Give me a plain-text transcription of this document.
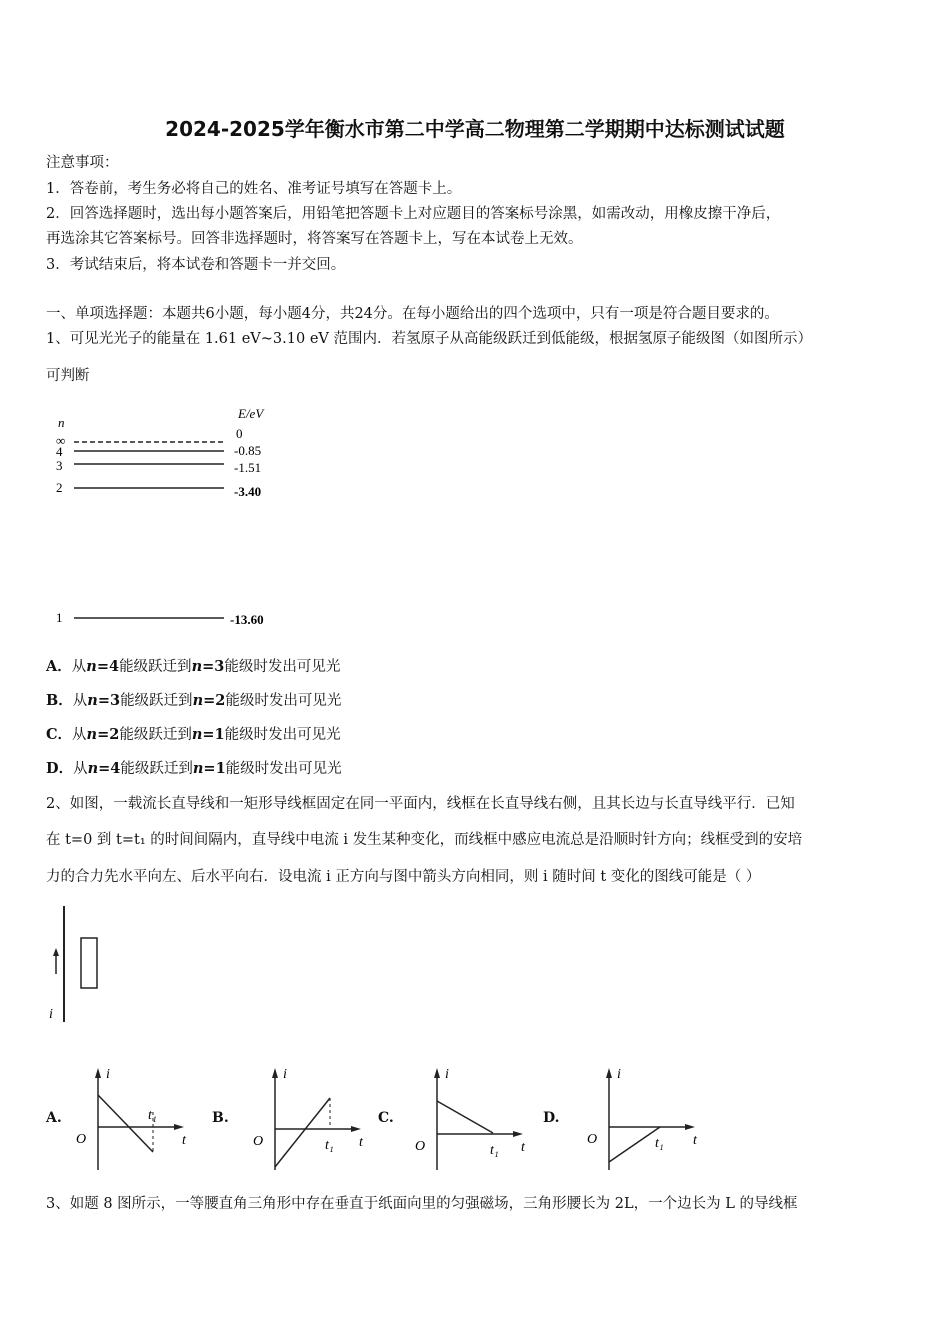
2024-2025学年衡水市第二中学高二物理第二学期期中达标测试试题
注意事项：
1．答卷前，考生务必将自己的姓名、准考证号填写在答题卡上。
2．回答选择题时，选出每小题答案后，用铅笔把答题卡上对应题目的答案标号涂黑，如需改动，用橡皮擦干净后，
再选涂其它答案标号。回答非选择题时，将答案写在答题卡上，写在本试卷上无效。
3．考试结束后，将本试卷和答题卡一并交回。
一、单项选择题：本题共6小题，每小题4分，共24分。在每小题给出的四个选项中，只有一项是符合题目要求的。
1、可见光光子的能量在 1.61 eV~3.10 eV 范围内．若氢原子从高能级跃迁到低能级，根据氢原子能级图（如图所示）
可判断
n
E/eV
∞
4
3
2
1
0
-0.85
-1.51
-3.40
-13.60
A．从n=4能级跃迁到n=3能级时发出可见光
B．从n=3能级跃迁到n=2能级时发出可见光
C．从n=2能级跃迁到n=1能级时发出可见光
D．从n=4能级跃迁到n=1能级时发出可见光
2、如图，一载流长直导线和一矩形导线框固定在同一平面内，线框在长直导线右侧，且其长边与长直导线平行．已知
在 t=0 到 t=t₁ 的时间间隔内，直导线中电流 i 发生某种变化，而线框中感应电流总是沿顺时针方向；线框受到的安培
力的合力先水平向左、后水平向右．设电流 i 正方向与图中箭头方向相同，则 i 随时间 t 变化的图线可能是（ ）
i
A.
i
O	t
t₁	B.
i
O	t
t₁
C.
i
O	t
t₁
D.
i
O	t
t₁
3、如题 8 图所示，一等腰直角三角形中存在垂直于纸面向里的匀强磁场，三角形腰长为 2L，一个边长为 L 的导线框
